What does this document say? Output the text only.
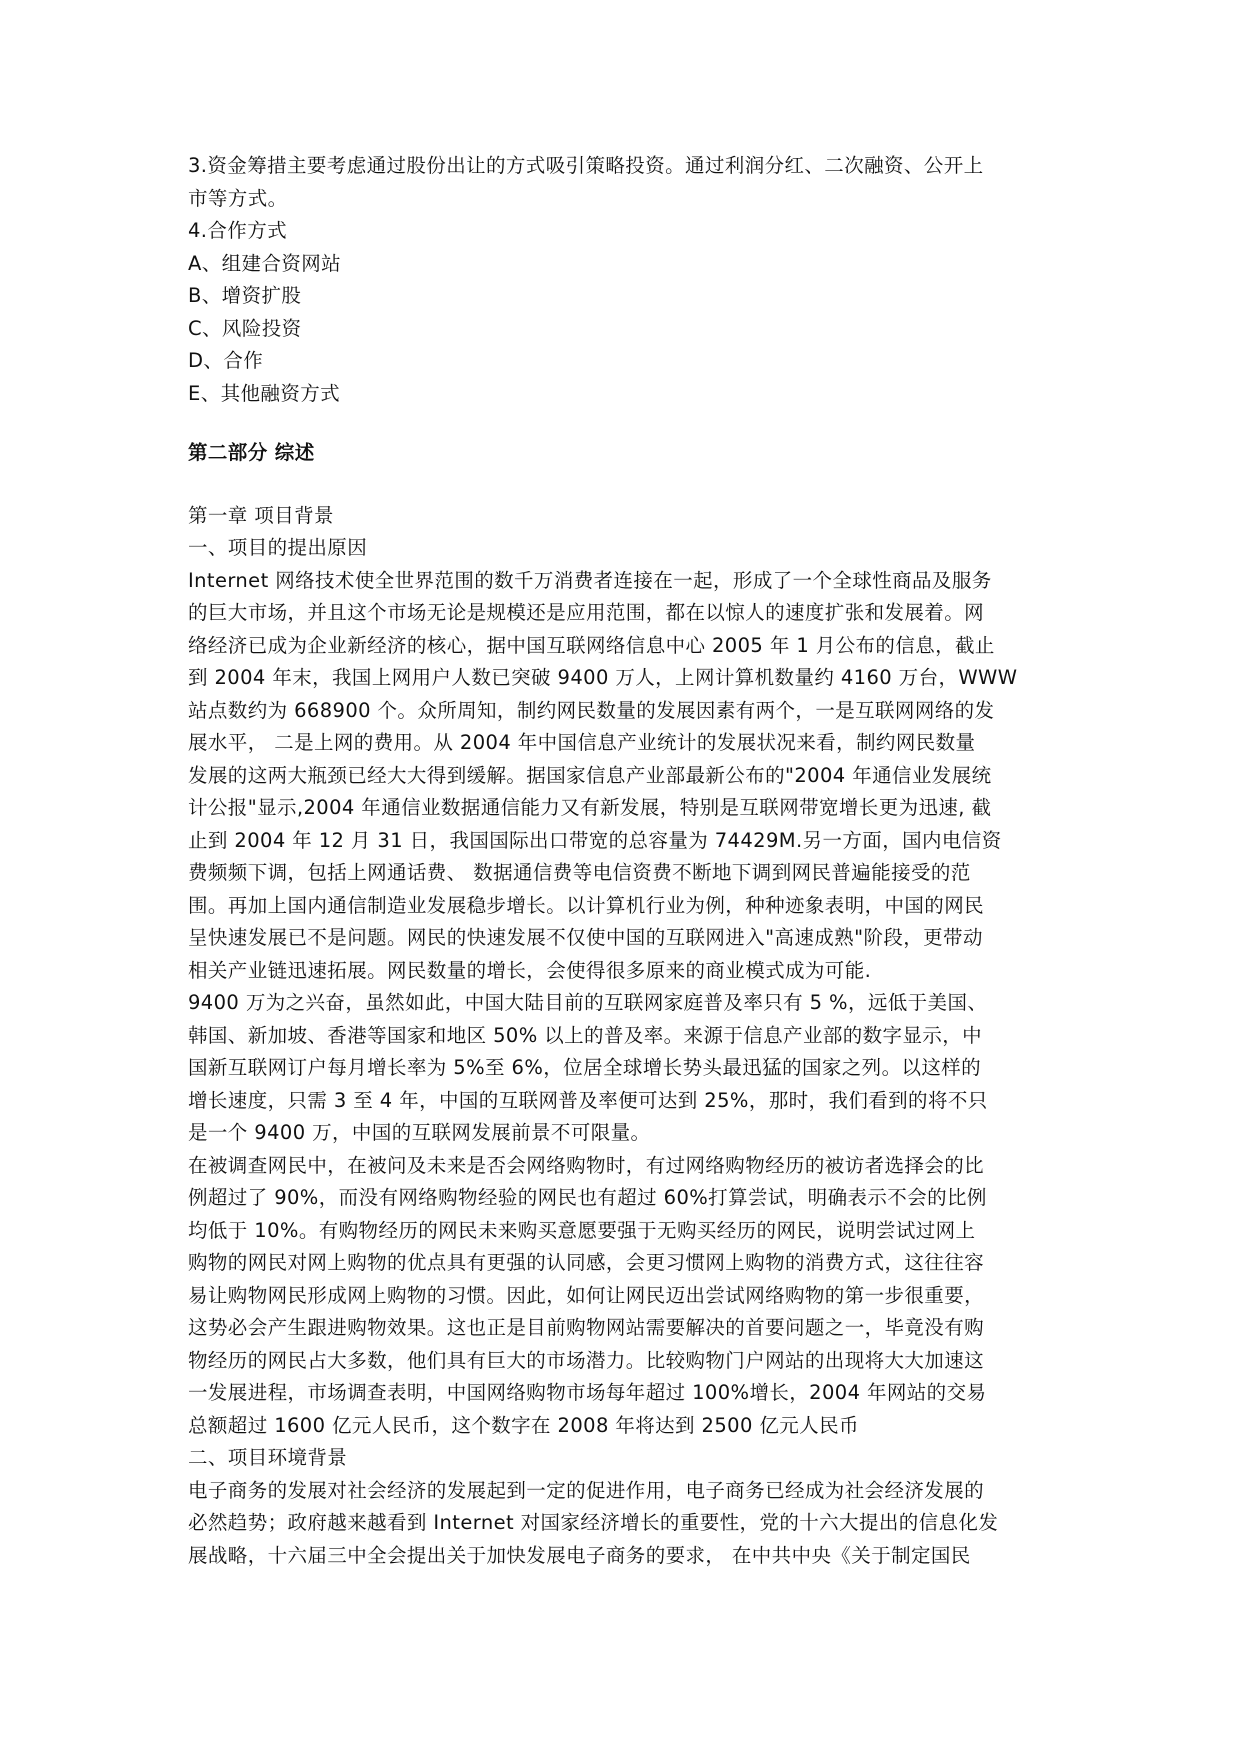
3.资金筹措主要考虑通过股份出让的方式吸引策略投资。通过利润分红、二次融资、公开上
市等方式。
4.合作方式
A、组建合资网站
B、增资扩股
C、风险投资
D、合作
E、其他融资方式
第二部分 综述
第一章 项目背景
一、项目的提出原因
Internet 网络技术使全世界范围的数千万消费者连接在一起，形成了一个全球性商品及服务
的巨大市场，并且这个市场无论是规模还是应用范围，都在以惊人的速度扩张和发展着。网
络经济已成为企业新经济的核心，据中国互联网络信息中心 2005 年 1 月公布的信息，截止
到 2004 年末，我国上网用户人数已突破 9400 万人，上网计算机数量约 4160 万台，WWW
站点数约为 668900 个。众所周知，制约网民数量的发展因素有两个，一是互联网网络的发
展水平， 二是上网的费用。从 2004 年中国信息产业统计的发展状况来看，制约网民数量
发展的这两大瓶颈已经大大得到缓解。据国家信息产业部最新公布的"2004 年通信业发展统
计公报"显示,2004 年通信业数据通信能力又有新发展，特别是互联网带宽增长更为迅速, 截
止到 2004 年 12 月 31 日，我国国际出口带宽的总容量为 74429M.另一方面，国内电信资
费频频下调，包括上网通话费、 数据通信费等电信资费不断地下调到网民普遍能接受的范
围。再加上国内通信制造业发展稳步增长。以计算机行业为例，种种迹象表明，中国的网民
呈快速发展已不是问题。网民的快速发展不仅使中国的互联网进入"高速成熟"阶段，更带动
相关产业链迅速拓展。网民数量的增长，会使得很多原来的商业模式成为可能.
9400 万为之兴奋，虽然如此，中国大陆目前的互联网家庭普及率只有 5 %，远低于美国、
韩国、新加坡、香港等国家和地区 50% 以上的普及率。来源于信息产业部的数字显示，中
国新互联网订户每月增长率为 5%至 6%，位居全球增长势头最迅猛的国家之列。以这样的
增长速度，只需 3 至 4 年，中国的互联网普及率便可达到 25%，那时，我们看到的将不只
是一个 9400 万，中国的互联网发展前景不可限量。
在被调查网民中，在被问及未来是否会网络购物时，有过网络购物经历的被访者选择会的比
例超过了 90%，而没有网络购物经验的网民也有超过 60%打算尝试，明确表示不会的比例
均低于 10%。有购物经历的网民未来购买意愿要强于无购买经历的网民，说明尝试过网上
购物的网民对网上购物的优点具有更强的认同感，会更习惯网上购物的消费方式，这往往容
易让购物网民形成网上购物的习惯。因此，如何让网民迈出尝试网络购物的第一步很重要，
这势必会产生跟进购物效果。这也正是目前购物网站需要解决的首要问题之一，毕竟没有购
物经历的网民占大多数，他们具有巨大的市场潜力。比较购物门户网站的出现将大大加速这
一发展进程，市场调查表明，中国网络购物市场每年超过 100%增长，2004 年网站的交易
总额超过 1600 亿元人民币，这个数字在 2008 年将达到 2500 亿元人民币
二、项目环境背景
电子商务的发展对社会经济的发展起到一定的促进作用，电子商务已经成为社会经济发展的
必然趋势；政府越来越看到 Internet 对国家经济增长的重要性，党的十六大提出的信息化发
展战略，十六届三中全会提出关于加快发展电子商务的要求， 在中共中央《关于制定国民
